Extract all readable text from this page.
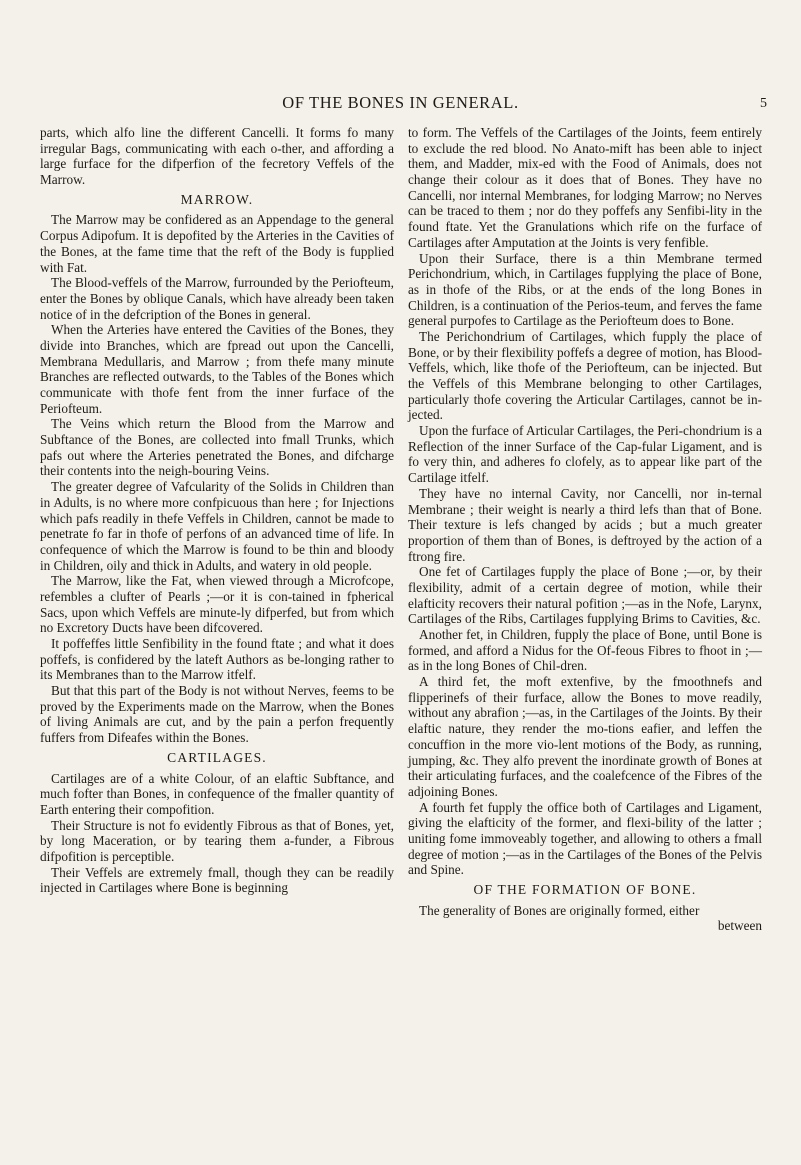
OF THE BONES IN GENERAL.	5

parts, which alfo line the different Cancelli. It forms fo many irregular Bags, communicating with each o-ther, and affording a large furface for the difperfion of the fecretory Veffels of the Marrow.

MARROW.

The Marrow may be confidered as an Appendage to the general Corpus Adipofum. It is depofited by the Arteries in the Cavities of the Bones, at the fame time that the reft of the Body is fupplied with Fat.

The Blood-veffels of the Marrow, furrounded by the Periofteum, enter the Bones by oblique Canals, which have already been taken notice of in the defcription of the Bones in general.

When the Arteries have entered the Cavities of the Bones, they divide into Branches, which are fpread out upon the Cancelli, Membrana Medullaris, and Marrow ; from thefe many minute Branches are reflected outwards, to the Tables of the Bones which communicate with thofe fent from the inner furface of the Periofteum.

The Veins which return the Blood from the Marrow and Subftance of the Bones, are collected into fmall Trunks, which pafs out where the Arteries penetrated the Bones, and difcharge their contents into the neigh-bouring Veins.

The greater degree of Vafcularity of the Solids in Children than in Adults, is no where more confpicuous than here ; for Injections which pafs readily in thefe Veffels in Children, cannot be made to penetrate fo far in thofe of perfons of an advanced time of life. In confequence of which the Marrow is found to be thin and bloody in Children, oily and thick in Adults, and watery in old people.

The Marrow, like the Fat, when viewed through a Microfcope, refembles a clufter of Pearls ;—or it is con-tained in fpherical Sacs, upon which Veffels are minute-ly difperfed, but from which no Excretory Ducts have been difcovered.

It poffeffes little Senfibility in the found ftate ; and what it does poffefs, is confidered by the lateft Authors as be-longing rather to its Membranes than to the Marrow itfelf.

But that this part of the Body is not without Nerves, feems to be proved by the Experiments made on the Marrow, when the Bones of living Animals are cut, and by the pain a perfon frequently fuffers from Difeafes within the Bones.

CARTILAGES.

Cartilages are of a white Colour, of an elaftic Subftance, and much fofter than Bones, in confequence of the fmaller quantity of Earth entering their compofition.

Their Structure is not fo evidently Fibrous as that of Bones, yet, by long Maceration, or by tearing them a-funder, a Fibrous difpofition is perceptible.

Their Veffels are extremely fmall, though they can be readily injected in Cartilages where Bone is beginning

to form. The Veffels of the Cartilages of the Joints, feem entirely to exclude the red blood. No Anato-mift has been able to inject them, and Madder, mix-ed with the Food of Animals, does not change their colour as it does that of Bones. They have no Cancelli, nor internal Membranes, for lodging Marrow; no Nerves can be traced to them ; nor do they poffefs any Senfibi-lity in the found ftate. Yet the Granulations which rife on the furface of Cartilages after Amputation at the Joints is very fenfible.

Upon their Surface, there is a thin Membrane termed Perichondrium, which, in Cartilages fupplying the place of Bone, as in thofe of the Ribs, or at the ends of the long Bones in Children, is a continuation of the Perios-teum, and ferves the fame general purpofes to Cartilage as the Periofteum does to Bone.

The Perichondrium of Cartilages, which fupply the place of Bone, or by their flexibility poffefs a degree of motion, has Blood-Veffels, which, like thofe of the Periofteum, can be injected. But the Veffels of this Membrane belonging to other Cartilages, particularly thofe covering the Articular Cartilages, cannot be in-jected.

Upon the furface of Articular Cartilages, the Peri-chondrium is a Reflection of the inner Surface of the Cap-fular Ligament, and is fo very thin, and adheres fo clofely, as to appear like part of the Cartilage itfelf.

They have no internal Cavity, nor Cancelli, nor in-ternal Membrane ; their weight is nearly a third lefs than that of Bone. Their texture is lefs changed by acids ; but a much greater proportion of them than of Bones, is deftroyed by the action of a ftrong fire.

One fet of Cartilages fupply the place of Bone ;—or, by their flexibility, admit of a certain degree of motion, while their elafticity recovers their natural pofition ;—as in the Nofe, Larynx, Cartilages of the Ribs, Cartilages fupplying Brims to Cavities, &c.

Another fet, in Children, fupply the place of Bone, until Bone is formed, and afford a Nidus for the Of-feous Fibres to fhoot in ;—as in the long Bones of Chil-dren.

A third fet, the moft extenfive, by the fmoothnefs and flipperinefs of their furface, allow the Bones to move readily, without any abrafion ;—as, in the Cartilages of the Joints. By their elaftic nature, they render the mo-tions eafier, and leffen the concuffion in the more vio-lent motions of the Body, as running, jumping, &c. They alfo prevent the inordinate growth of Bones at their articulating furfaces, and the coalefcence of the Fibres of the adjoining Bones.

A fourth fet fupply the office both of Cartilages and Ligament, giving the elafticity of the former, and flexi-bility of the latter ; uniting fome immoveably together, and allowing to others a fmall degree of motion ;—as in the Cartilages of the Bones of the Pelvis and Spine.

OF THE FORMATION OF BONE.

The generality of Bones are originally formed, either

between
